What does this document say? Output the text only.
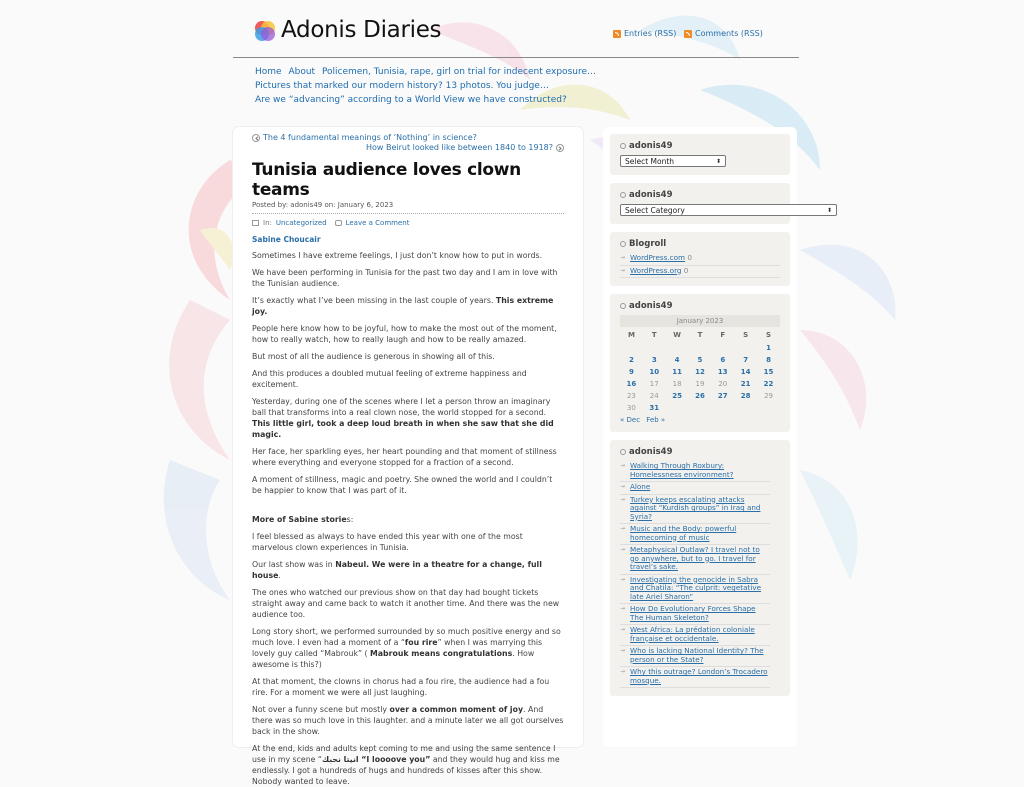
Adonis Diaries	Entries (RSS) Comments (RSS)
Home About Policemen, Tunisia, rape, girl on trial for indecent exposure…
Pictures that marked our modern history? 13 photos. You judge…
Are we “advancing” according to a World View we have constructed?
The 4 fundamental meanings of ‘Nothing’ in science?
How Beirut looked like between 1840 to 1918?
Tunisia audience loves clown teams
Posted by: adonis49 on: January 6, 2023
In: Uncategorized	Leave a Comment
Sabine Choucair

Sometimes I have extreme feelings, I just don’t know how to put in words.

We have been performing in Tunisia for the past two day and I am in love with the Tunisian audience.

It’s exactly what I’ve been missing in the last couple of years. This extreme joy.

People here know how to be joyful, how to make the most out of the moment, how to really watch, how to really laugh and how to be really amazed.

But most of all the audience is generous in showing all of this.

And this produces a doubled mutual feeling of extreme happiness and excitement.

Yesterday, during one of the scenes where I let a person throw an imaginary ball that transforms into a real clown nose, the world stopped for a second. This little girl, took a deep loud breath in when she saw that she did magic.

Her face, her sparkling eyes, her heart pounding and that moment of stillness where everything and everyone stopped for a fraction of a second.

A moment of stillness, magic and poetry. She owned the world and I couldn’t be happier to know that I was part of it.

More of Sabine stories:

I feel blessed as always to have ended this year with one of the most marvelous clown experiences in Tunisia.

Our last show was in Nabeul. We were in a theatre for a change, full house.

The ones who watched our previous show on that day had bought tickets straight away and came back to watch it another time. And there was the new audience too.

Long story short, we performed surrounded by so much positive energy and so much love. I even had a moment of a “fou rire” when I was marrying this lovely guy called “Mabrouk” ( Mabrouk means congratulations. How awesome is this?)

At that moment, the clowns in chorus had a fou rire, the audience had a fou rire. For a moment we were all just laughing.

Not over a funny scene but mostly over a common moment of joy. And there was so much love in this laughter. and a minute later we all got ourselves back in the show.

At the end, kids and adults kept coming to me and using the same sentence I use in my scene “انيتا نحبك “I loooove you” and they would hug and kiss me endlessly. I got a hundreds of hugs and hundreds of kisses after this show. Nobody wanted to leave.

adonis49
Select Month	⬍
adonis49
Select Category	⬍
Blogroll
→ WordPress.com 0
→ WordPress.org 0
adonis49
January 2023
M	T	W	T	F	S	S
						1
2	3	4	5	6	7	8
9	10	11	12	13	14	15
16	17	18	19	20	21	22
23	24	25	26	27	28	29
30	31					
« Dec Feb »
adonis49
→ Walking Through Roxbury: Homelessness environment?
→ Alone
→ Turkey keeps escalating attacks against “Kurdish groups” in Iraq and Syria?
→ Music and the Body: powerful homecoming of music
→ Metaphysical Outlaw? I travel not to go anywhere, but to go. I travel for travel’s sake.
→ Investigating the genocide in Sabra and Chatila: “The culprit: vegetative late Ariel Sharon”
→ How Do Evolutionary Forces Shape The Human Skeleton?
→ West Africa: La prédation coloniale française et occidentale.
→ Who is lacking National Identity? The person or the State?
→ Why this outrage? London’s Trocadero mosque.
